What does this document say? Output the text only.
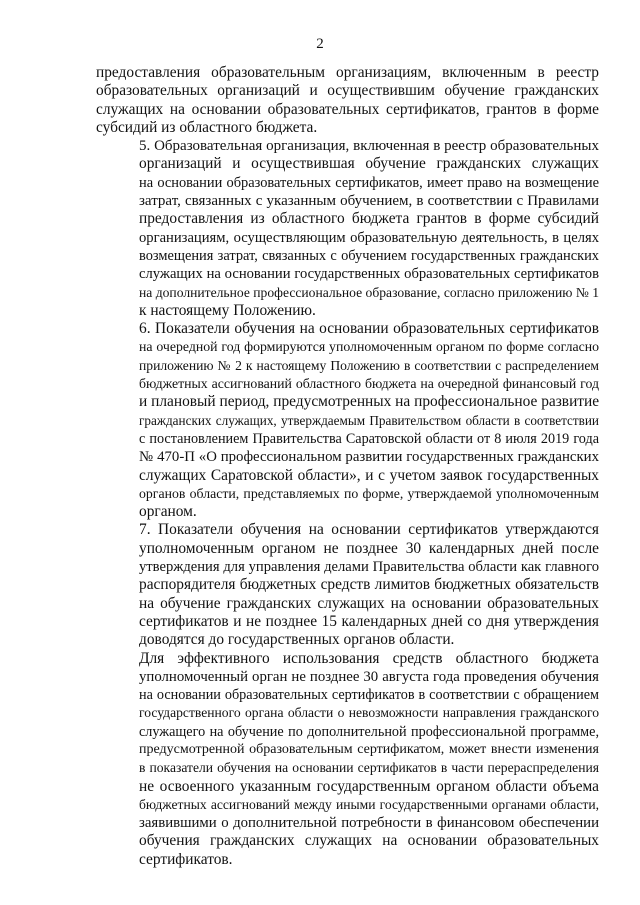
2

предоставления образовательным организациям, включенным в реестр
образовательных организаций и осуществившим обучение гражданских
служащих на основании образовательных сертификатов, грантов в форме
субсидий из областного бюджета.

5. Образовательная организация, включенная в реестр образовательных
организаций и осуществившая обучение гражданских служащих
на основании образовательных сертификатов, имеет право на возмещение
затрат, связанных с указанным обучением, в соответствии с Правилами
предоставления из областного бюджета грантов в форме субсидий
организациям, осуществляющим образовательную деятельность, в целях
возмещения затрат, связанных с обучением государственных гражданских
служащих на основании государственных образовательных сертификатов
на дополнительное профессиональное образование, согласно приложению № 1
к настоящему Положению.

6. Показатели обучения на основании образовательных сертификатов
на очередной год формируются уполномоченным органом по форме согласно
приложению № 2 к настоящему Положению в соответствии с распределением
бюджетных ассигнований областного бюджета на очередной финансовый год
и плановый период, предусмотренных на профессиональное развитие
гражданских служащих, утверждаемым Правительством области в соответствии
с постановлением Правительства Саратовской области от 8 июля 2019 года
№ 470-П «О профессиональном развитии государственных гражданских
служащих Саратовской области», и с учетом заявок государственных
органов области, представляемых по форме, утверждаемой уполномоченным
органом.

7. Показатели обучения на основании сертификатов утверждаются
уполномоченным органом не позднее 30 календарных дней после
утверждения для управления делами Правительства области как главного
распорядителя бюджетных средств лимитов бюджетных обязательств
на обучение гражданских служащих на основании образовательных
сертификатов и не позднее 15 календарных дней со дня утверждения
доводятся до государственных органов области.

Для эффективного использования средств областного бюджета
уполномоченный орган не позднее 30 августа года проведения обучения
на основании образовательных сертификатов в соответствии с обращением
государственного органа области о невозможности направления гражданского
служащего на обучение по дополнительной профессиональной программе,
предусмотренной образовательным сертификатом, может внести изменения
в показатели обучения на основании сертификатов в части перераспределения
не освоенного указанным государственным органом области объема
бюджетных ассигнований между иными государственными органами области,
заявившими о дополнительной потребности в финансовом обеспечении
обучения гражданских служащих на основании образовательных
сертификатов.
